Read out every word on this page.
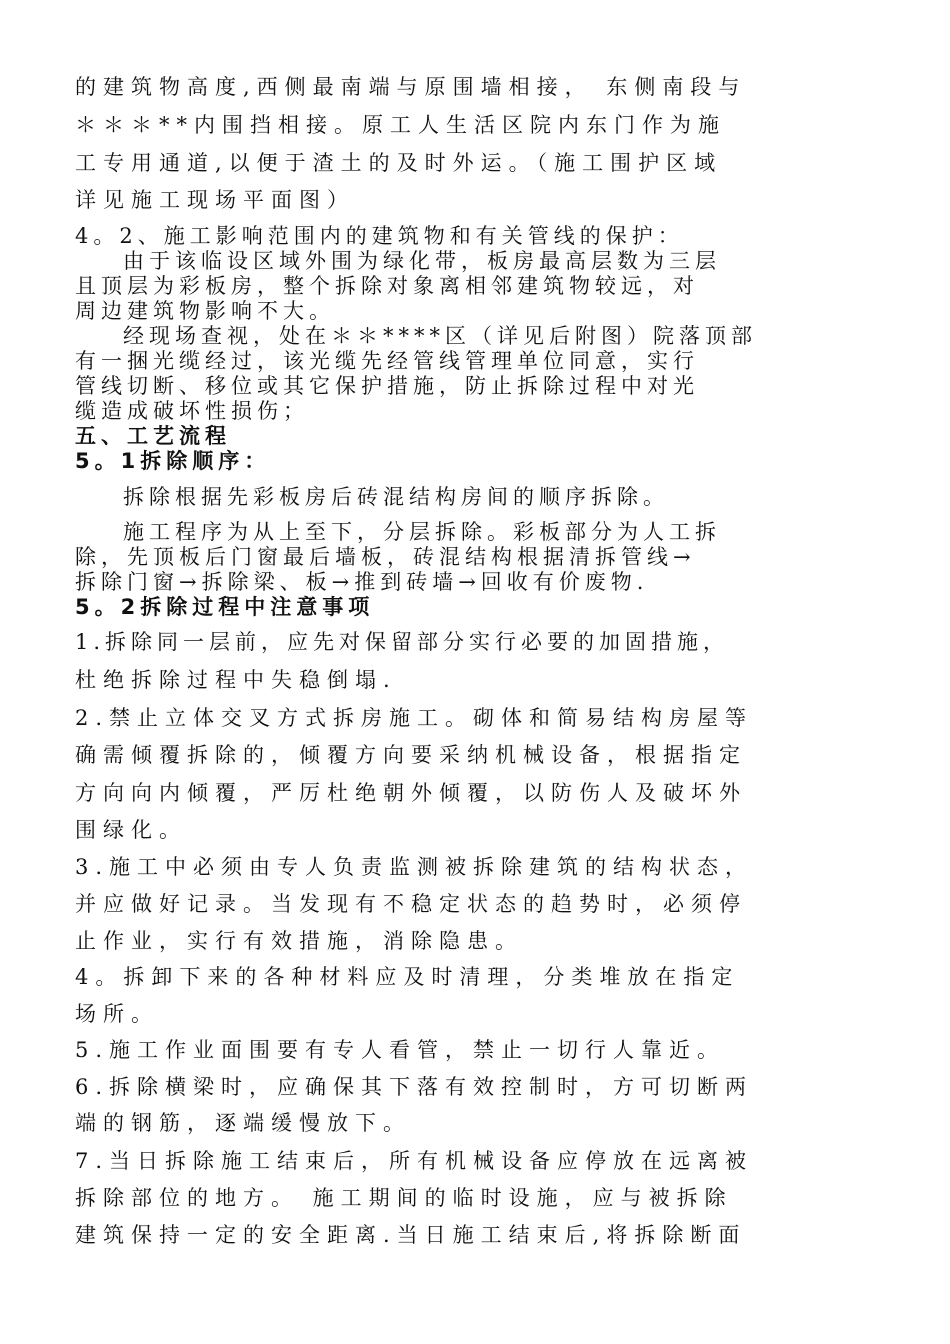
的建筑物高度,西侧最南端与原围墙相接， 东侧南段与
＊＊＊**内围挡相接。原工人生活区院内东门作为施
工专用通道,以便于渣土的及时外运。（施工围护区域
详见施工现场平面图）
4。2、施工影响范围内的建筑物和有关管线的保护：
由于该临设区域外围为绿化带，板房最高层数为三层
且顶层为彩板房，整个拆除对象离相邻建筑物较远，对
周边建筑物影响不大。
经现场查视，处在＊＊****区（详见后附图）院落顶部
有一捆光缆经过，该光缆先经管线管理单位同意，实行
管线切断、移位或其它保护措施，防止拆除过程中对光
缆造成破坏性损伤；
五、工艺流程
5。1拆除顺序：
拆除根据先彩板房后砖混结构房间的顺序拆除。
施工程序为从上至下，分层拆除。彩板部分为人工拆
除，先顶板后门窗最后墙板，砖混结构根据清拆管线→
拆除门窗→拆除梁、板→推到砖墙→回收有价废物.
5。2拆除过程中注意事项
1.拆除同一层前，应先对保留部分实行必要的加固措施，
杜绝拆除过程中失稳倒塌.
2.禁止立体交叉方式拆房施工。砌体和简易结构房屋等
确需倾覆拆除的，倾覆方向要采纳机械设备，根据指定
方向向内倾覆，严厉杜绝朝外倾覆，以防伤人及破坏外
围绿化。
3.施工中必须由专人负责监测被拆除建筑的结构状态，
并应做好记录。当发现有不稳定状态的趋势时，必须停
止作业，实行有效措施，消除隐患。
4。拆卸下来的各种材料应及时清理，分类堆放在指定
场所。
5.施工作业面围要有专人看管，禁止一切行人靠近。
6.拆除横梁时，应确保其下落有效控制时，方可切断两
端的钢筋，逐端缓慢放下。
7.当日拆除施工结束后，所有机械设备应停放在远离被
拆除部位的地方。 施工期间的临时设施，应与被拆除
建筑保持一定的安全距离.当日施工结束后,将拆除断面
